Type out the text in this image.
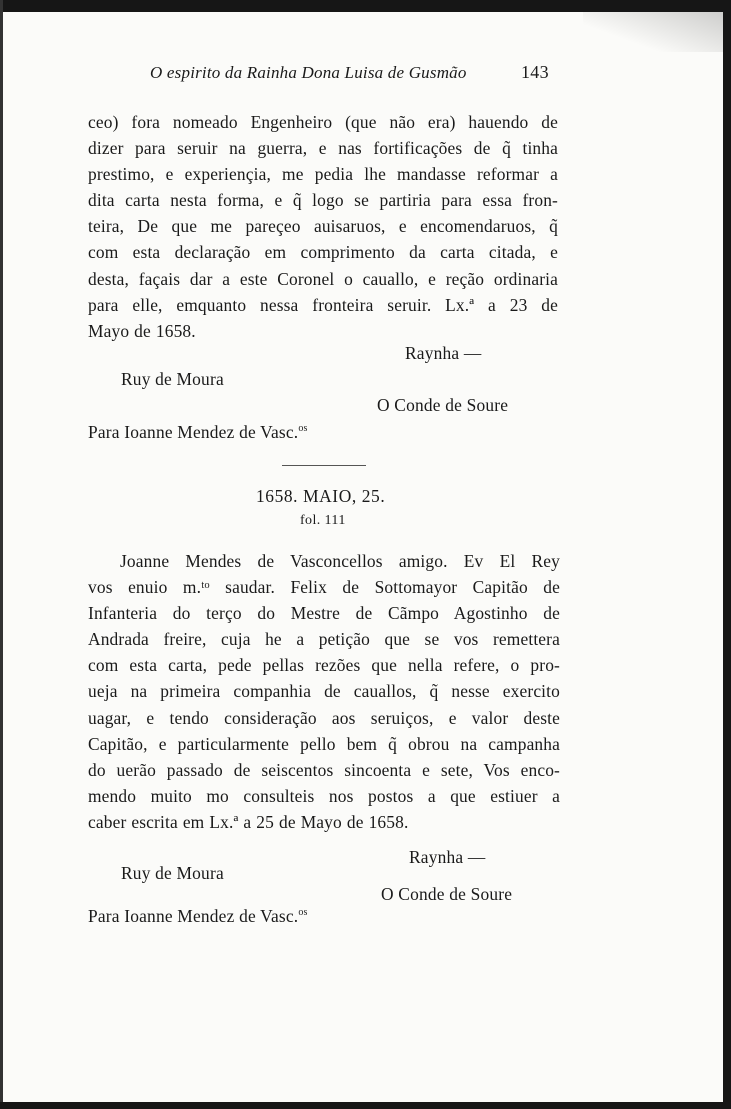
O espirito da Rainha Dona Luisa de Gusmão	143
ceo) fora nomeado Engenheiro (que não era) hauendo de
dizer para seruir na guerra, e nas fortificações de q̃ tinha
prestimo, e experiençia, me pedia lhe mandasse reformar a
dita carta nesta forma, e q̃ logo se partiria para essa fron-
teira, De que me pareçeo auisaruos, e encomendaruos, q̃
com esta declaração em comprimento da carta citada, e
desta, façais dar a este Coronel o cauallo, e reção ordinaria
para elle, emquanto nessa fronteira seruir. Lx.ª a 23 de
Mayo de 1658.
Raynha —
Ruy de Moura
O Conde de Soure
Para Ioanne Mendez de Vasc.$^{os}$
1658. MAIO, 25.
fol. 111
Joanne Mendes de Vasconcellos amigo. Ev El Rey
vos enuio m.ᵗᵒ saudar. Felix de Sottomayor Capitão de
Infanteria do terço do Mestre de Cãmpo Agostinho de
Andrada freire, cuja he a petição que se vos remettera
com esta carta, pede pellas rezões que nella refere, o pro-
ueja na primeira companhia de cauallos, q̃ nesse exercito
uagar, e tendo consideração aos seruiços, e valor deste
Capitão, e particularmente pello bem q̃ obrou na campanha
do uerão passado de seiscentos sincoenta e sete, Vos enco-
mendo muito mo consulteis nos postos a que estiuer a
caber escrita em Lx.ª a 25 de Mayo de 1658.
Raynha —
Ruy de Moura
O Conde de Soure
Para Ioanne Mendez de Vasc.$^{os}$
